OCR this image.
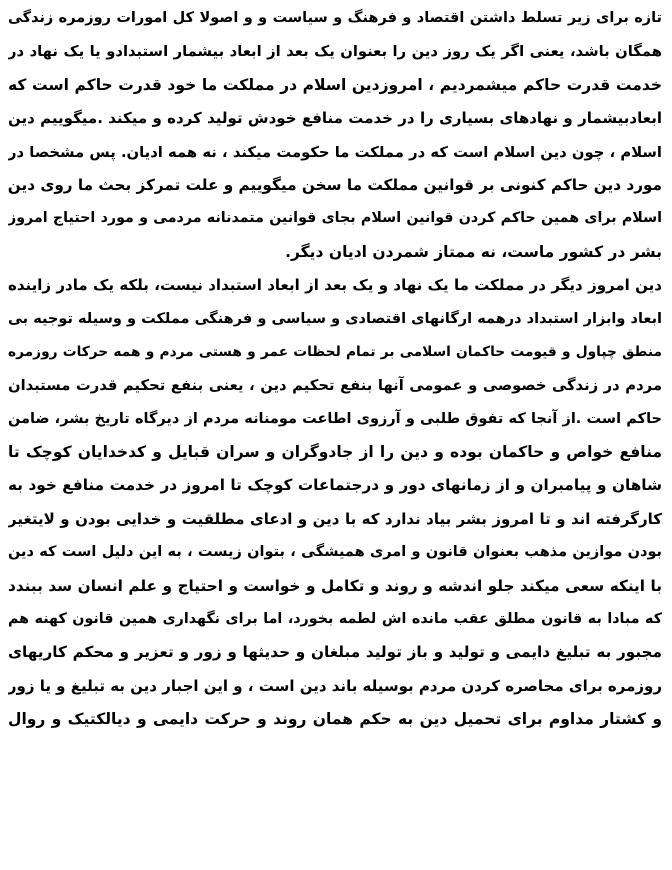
تازه برای زیر تسلط داشتن اقتصاد و فرهنگ و سیاست و و اصولا کل امورات روزمره زندگی
همگان باشد، یعنی اگر یک روز دین را بعنوان یک بعد از ابعاد بیشمار استبدادو یا یک نهاد در
خدمت قدرت حاکم میشمردیم ، امروزدین اسلام در مملکت ما خود قدرت حاکم است که
ابعادبیشمار و نهادهای بسیاری را در خدمت منافع خودش تولید کرده و میکند .میگوییم دین
اسلام ، چون دین اسلام است که در مملکت ما حکومت میکند ، نه همه ادیان. پس مشخصا در
مورد دین حاکم کنونی بر قوانین مملکت ما سخن میگوییم و علت تمرکز بحث ما روی دین
اسلام برای همین حاکم کردن قوانین اسلام بجای قوانین متمدنانه مردمی و مورد احتیاج امروز
بشر در کشور ماست، نه ممتاز شمردن ادیان دیگر.
دین امروز دیگر در مملکت ما یک نهاد و یک بعد از ابعاد استبداد نیست، بلکه یک مادر زاینده
ابعاد وابزار استبداد درهمه ارگانهای اقتصادی و سیاسی و فرهنگی مملکت و وسیله توجیه بی
منطق چپاول و قیومت حاکمان اسلامی بر تمام لحظات عمر و هستی مردم و همه حرکات روزمره
مردم در زندگی خصوصی و عمومی آنها بنفع تحکیم دین ، یعنی بنفع تحکیم قدرت مستبدان
حاکم است .از آنجا که تفوق طلبی و آرزوی اطاعت مومنانه مردم از دیرگاه تاریخ بشر، ضامن
منافع خواص و حاکمان بوده و دین را از جادوگران و سران قبایل و کدخدایان کوچک تا
شاهان و پیامبران و از زمانهای دور و درجتماعات کوچک تا امروز در خدمت منافع خود به
کارگرفته اند و تا امروز بشر بیاد ندارد که با دین و ادعای مطلقیت و خدایی بودن و لایتغیر
بودن موازین مذهب بعنوان قانون و امری همیشگی ، بتوان زیست ، به این دلیل است که دین
با اینکه سعی میکند جلو اندشه و روند و تکامل و خواست و احتیاج و علم انسان سد ببندد
که مبادا به قانون مطلق عقب مانده اش لطمه بخورد، اما برای نگهداری همین قانون کهنه هم
مجبور به تبلیغ دایمی و تولید و باز تولید مبلغان و حدیثها و زور و تعزیر و محکم کاریهای
روزمره برای محاصره کردن مردم بوسیله باند دین است ، و این اجبار دین به تبلیغ و یا زور
و کشتار مداوم برای تحمیل دین به حکم همان روند و حرکت دایمی و دیالکتیک و روال
